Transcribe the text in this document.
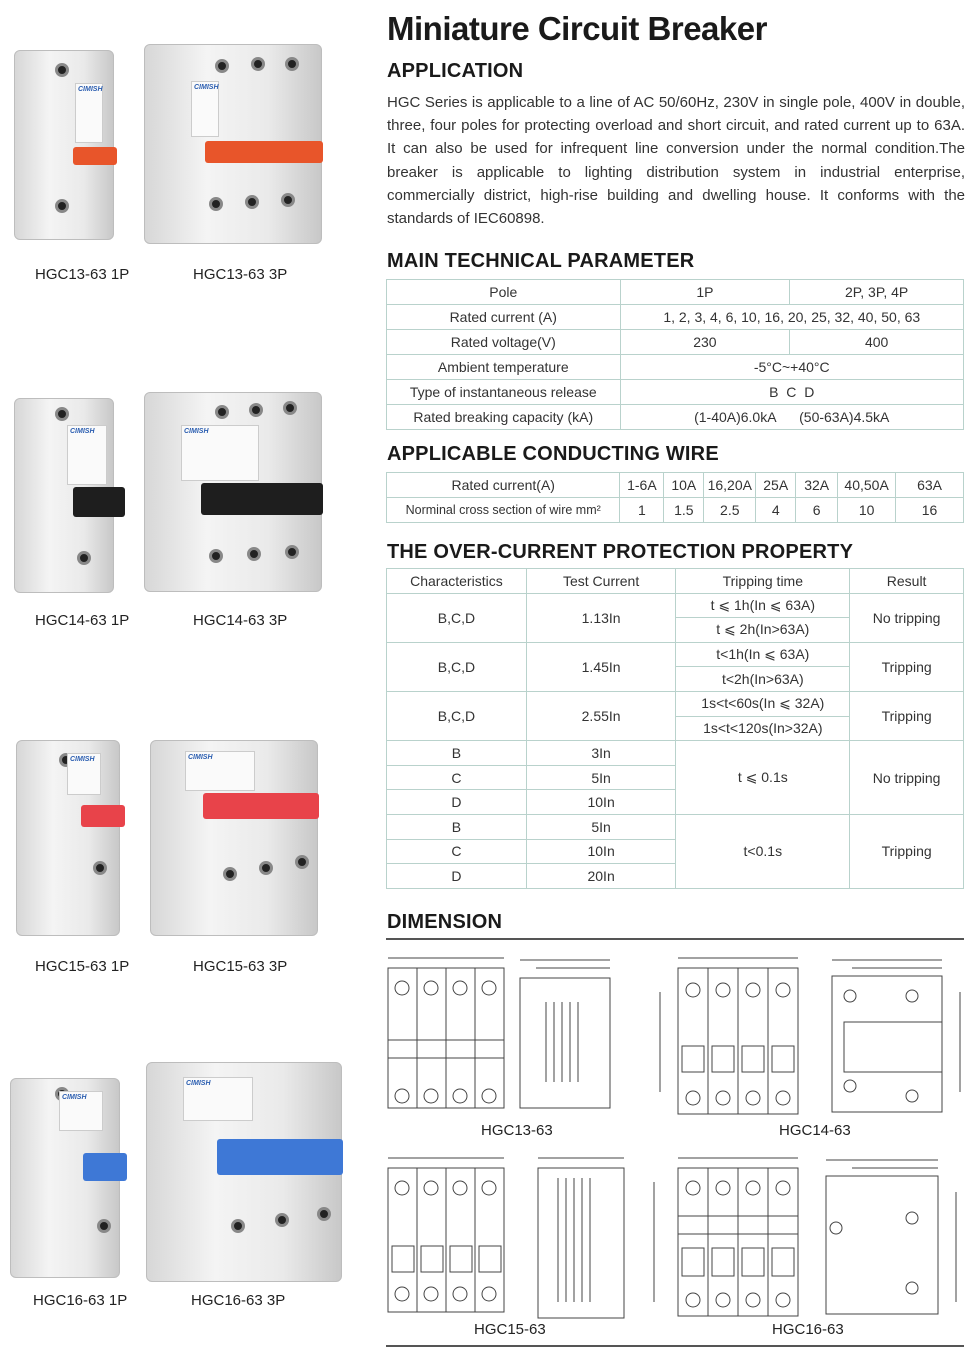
CIMISH	CIMISH
HGC13-63 1P	HGC13-63 3P
CIMISH	CIMISH
HGC14-63 1P	HGC14-63 3P
CIMISH	CIMISH
HGC15-63 1P	HGC15-63 3P
CIMISH
CIMISH
HGC16-63 1P	HGC16-63 3P
Miniature Circuit Breaker
APPLICATION
HGC Series is applicable to a line of AC 50/60Hz, 230V in single pole, 400V in double, three, four poles for protecting overload and short circuit, and rated current up to 63A. It can also be used for infrequent line conversion under the normal condition.The breaker is applicable to lighting distribution system in industrial enterprise, commercially district, high-rise building and dwelling house. It conforms with the standards of IEC60898.
MAIN TECHNICAL PARAMETER
Pole	1P	2P, 3P, 4P
Rated current (A)	1, 2, 3, 4, 6, 10, 16, 20, 25, 32, 40, 50, 63	
Rated voltage(V)	230	400
Ambient temperature	-5°C~+40°C	
Type of instantaneous release	B C D	
Rated breaking capacity (kA)	(1-40A)6.0kA      (50-63A)4.5kA	
APPLICABLE CONDUCTING WIRE
Rated current(A)	1-6A	10A	16,20A	25A	32A	40,50A	63A
Norminal cross section of wire mm²	1	1.5	2.5	4	6	10	16
THE OVER-CURRENT PROTECTION PROPERTY
Characteristics	Test Current	Tripping time	Result
B,C,D	1.13In	t ⩽ 1h(In ⩽ 63A)	No tripping
		t ⩽ 2h(In>63A)	
B,C,D	1.45In	t<1h(In ⩽ 63A)	Tripping
		t<2h(In>63A)	
B,C,D	2.55In	1s<t<60s(In ⩽ 32A)	Tripping
		1s<t<120s(In>32A)	
B	3In	t ⩽ 0.1s	No tripping
C	5In		
D	10In		
B	5In	t<0.1s	Tripping
C	10In		
D	20In		
DIMENSION
HGC13-63	HGC14-63
HGC15-63	HGC16-63
